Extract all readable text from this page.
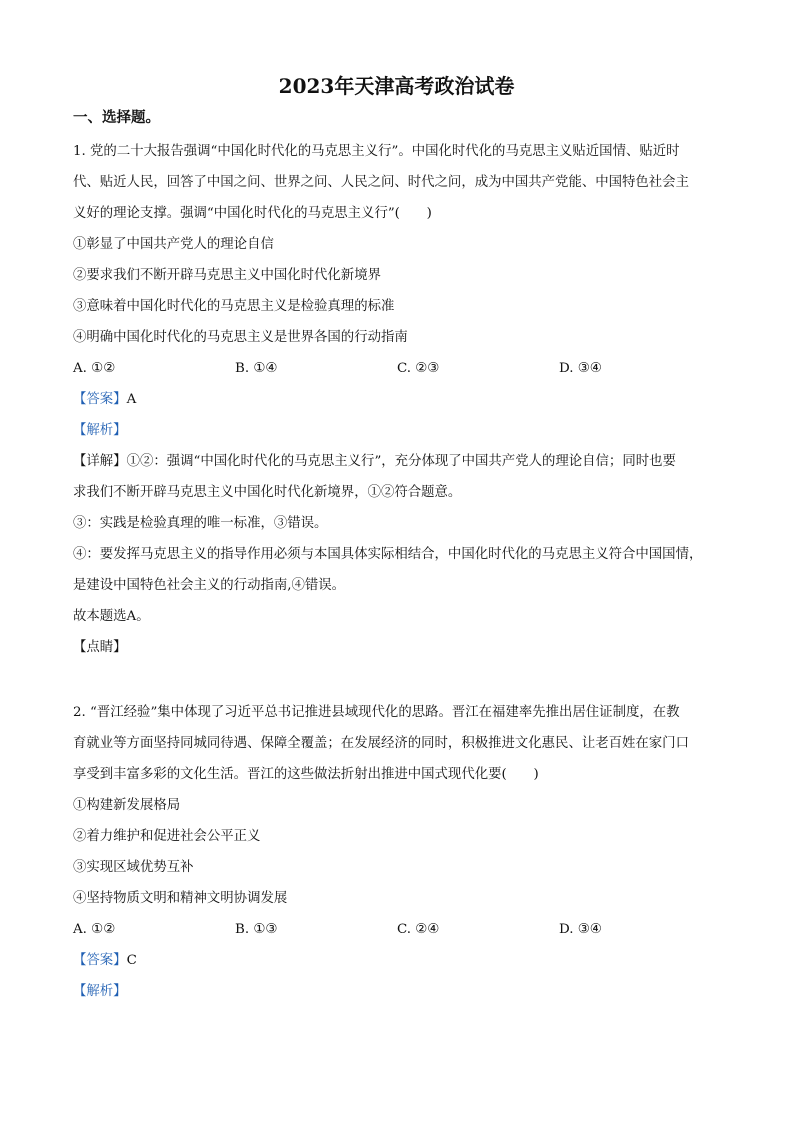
2023年天津高考政治试卷
一、选择题。
1. 党的二十大报告强调“中国化时代化的马克思主义行”。中国化时代化的马克思主义贴近国情、贴近时
代、贴近人民，回答了中国之问、世界之问、人民之问、时代之问，成为中国共产党能、中国特色社会主
义好的理论支撑。强调“中国化时代化的马克思主义行”(　　)
①彰显了中国共产党人的理论自信
②要求我们不断开辟马克思主义中国化时代化新境界
③意味着中国化时代化的马克思主义是检验真理的标准
④明确中国化时代化的马克思主义是世界各国的行动指南
A. ①②	B. ①④	C. ②③	D. ③④
【答案】A
【解析】
【详解】①②：强调“中国化时代化的马克思主义行”，充分体现了中国共产党人的理论自信；同时也要
求我们不断开辟马克思主义中国化时代化新境界，①②符合题意。
③：实践是检验真理的唯一标准，③错误。
④：要发挥马克思主义的指导作用必须与本国具体实际相结合，中国化时代化的马克思主义符合中国国情，
是建设中国特色社会主义的行动指南,④错误。
故本题选A。
【点睛】
2. “晋江经验”集中体现了习近平总书记推进县域现代化的思路。晋江在福建率先推出居住证制度，在教
育就业等方面坚持同城同待遇、保障全覆盖；在发展经济的同时，积极推进文化惠民、让老百姓在家门口
享受到丰富多彩的文化生活。晋江的这些做法折射出推进中国式现代化要(　　)
①构建新发展格局
②着力维护和促进社会公平正义
③实现区域优势互补
④坚持物质文明和精神文明协调发展
A. ①②	B. ①③	C. ②④	D. ③④
【答案】C
【解析】
